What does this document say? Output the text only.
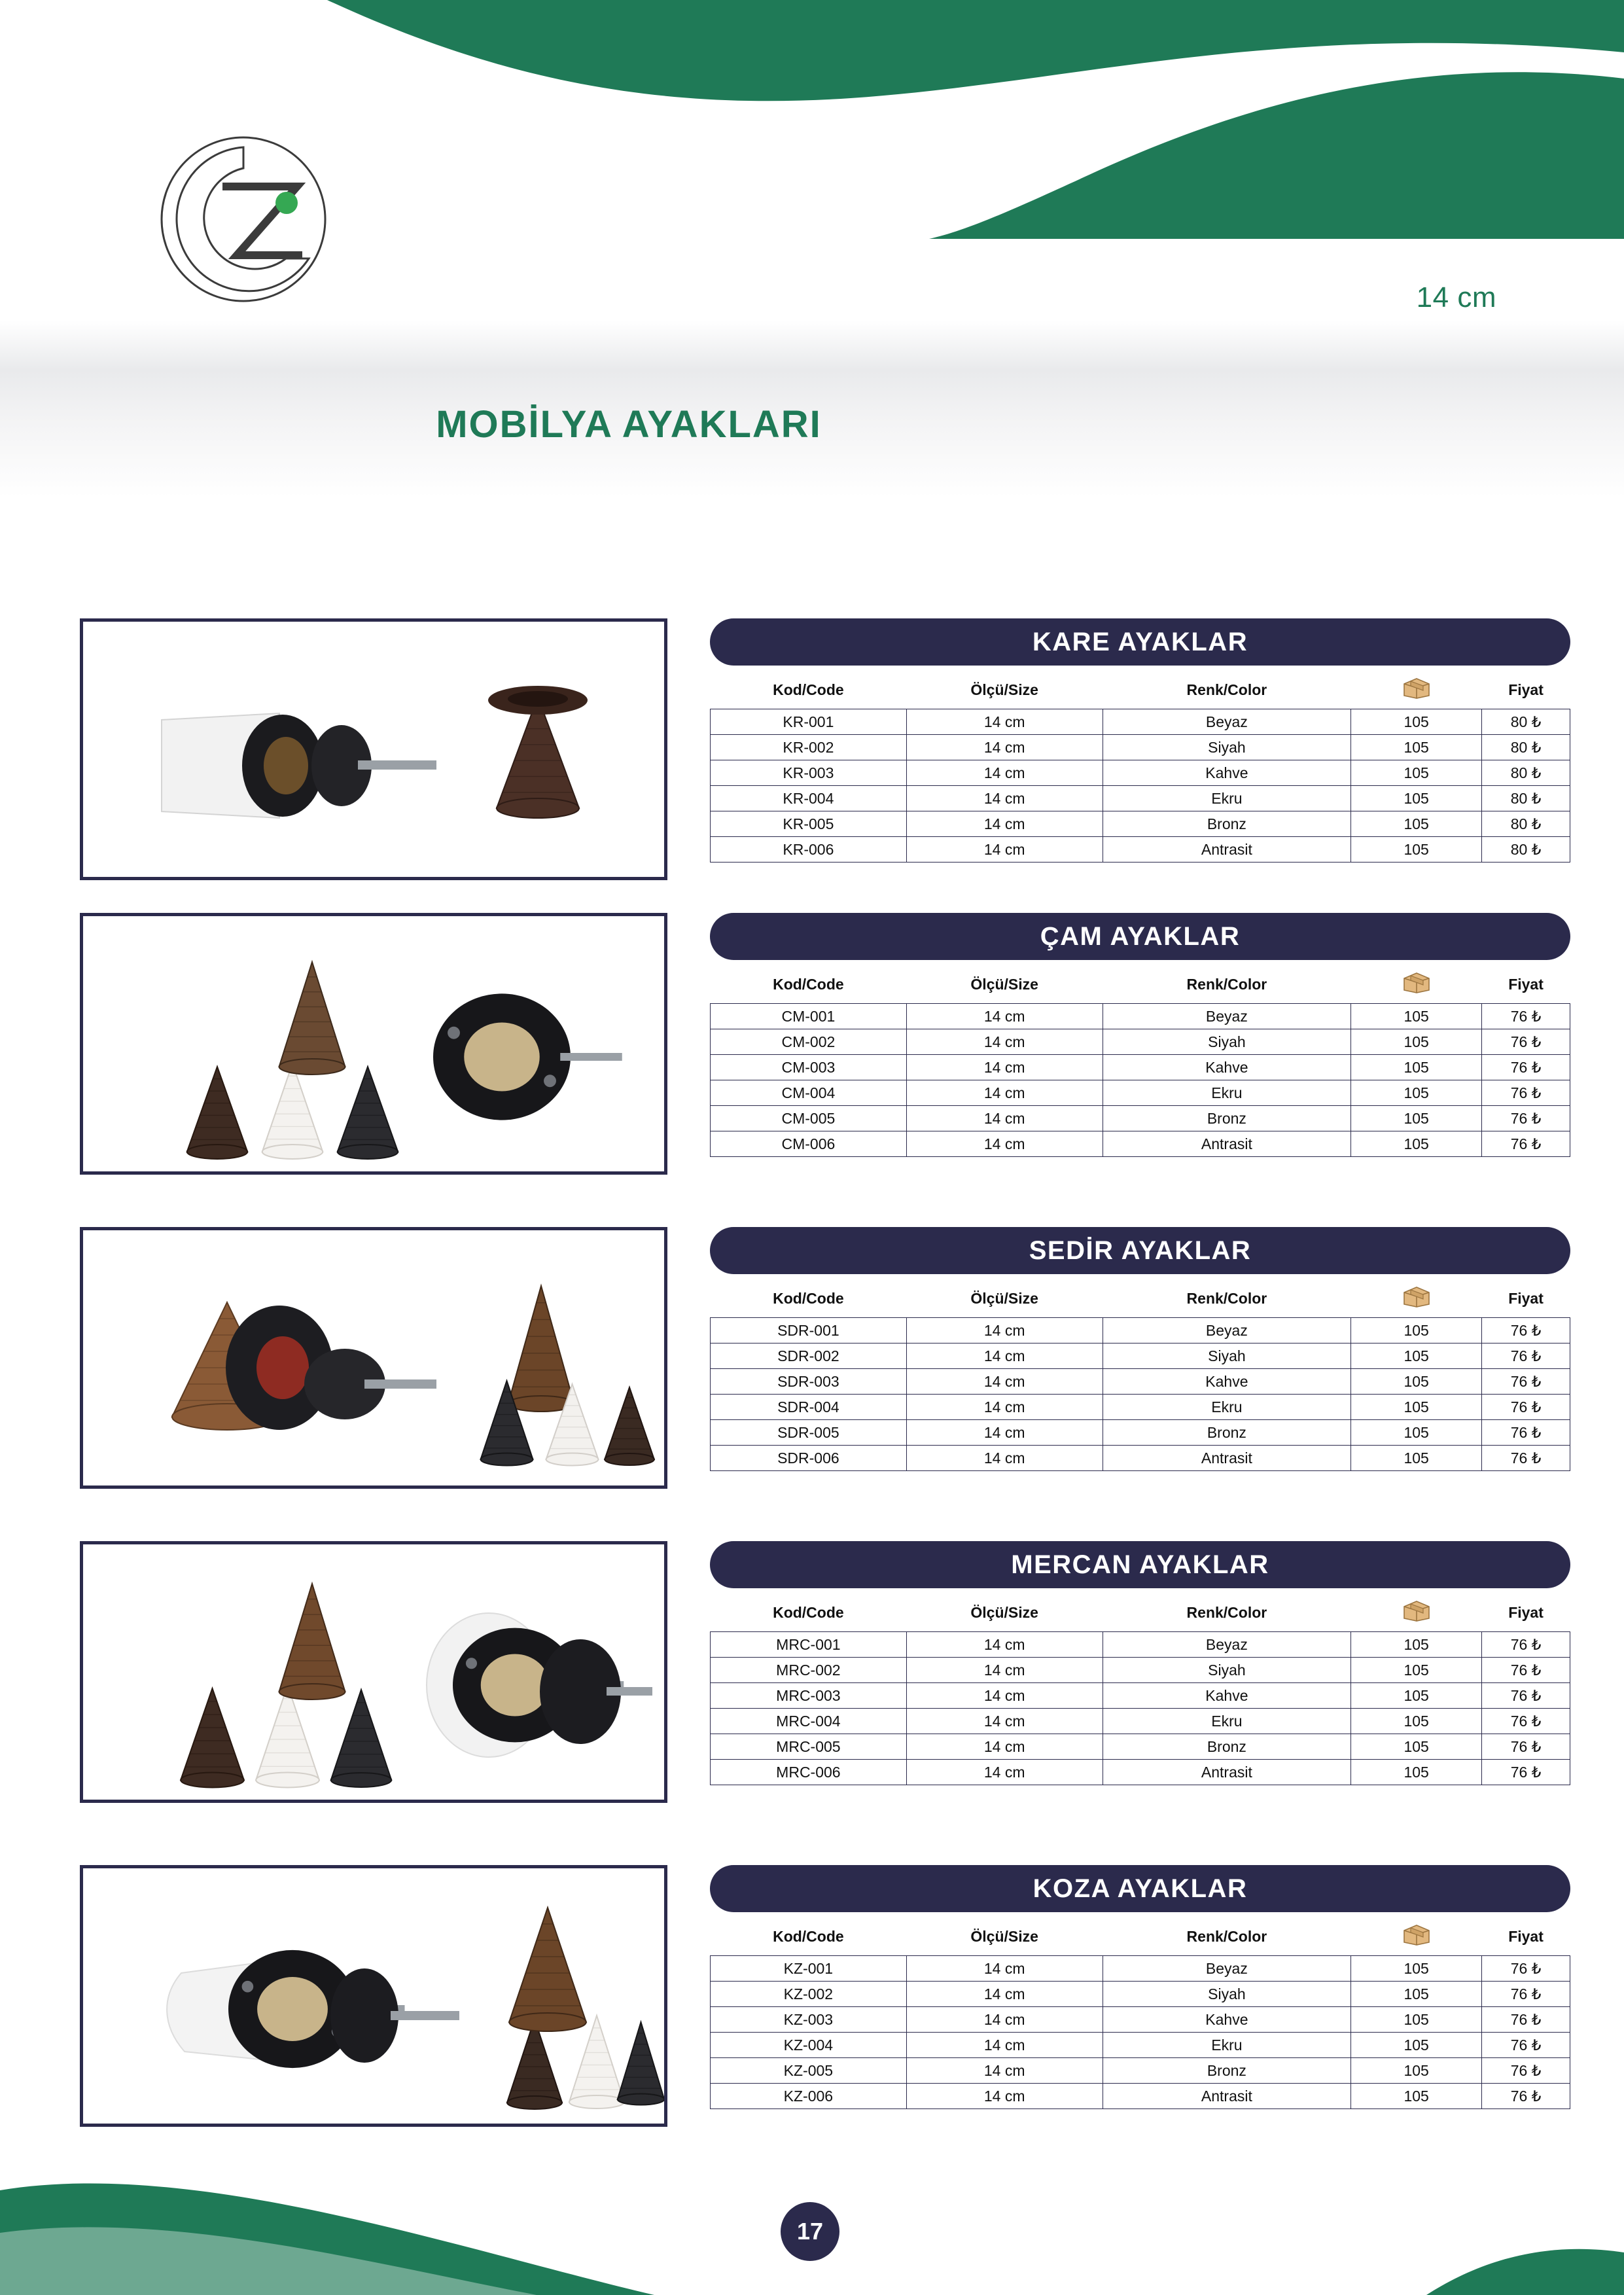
14 cm
MOBİLYA AYAKLARI
KARE AYAKLAR
Kod/Code	Ölçü/Size	Renk/Color		Fiyat
KR-001	14 cm	Beyaz	105	80 ₺
KR-002	14 cm	Siyah	105	80 ₺
KR-003	14 cm	Kahve	105	80 ₺
KR-004	14 cm	Ekru	105	80 ₺
KR-005	14 cm	Bronz	105	80 ₺
KR-006	14 cm	Antrasit	105	80 ₺
ÇAM AYAKLAR
Kod/Code	Ölçü/Size	Renk/Color		Fiyat
CM-001	14 cm	Beyaz	105	76 ₺
CM-002	14 cm	Siyah	105	76 ₺
CM-003	14 cm	Kahve	105	76 ₺
CM-004	14 cm	Ekru	105	76 ₺
CM-005	14 cm	Bronz	105	76 ₺
CM-006	14 cm	Antrasit	105	76 ₺
SEDİR AYAKLAR
Kod/Code	Ölçü/Size	Renk/Color		Fiyat
SDR-001	14 cm	Beyaz	105	76 ₺
SDR-002	14 cm	Siyah	105	76 ₺
SDR-003	14 cm	Kahve	105	76 ₺
SDR-004	14 cm	Ekru	105	76 ₺
SDR-005	14 cm	Bronz	105	76 ₺
SDR-006	14 cm	Antrasit	105	76 ₺
MERCAN AYAKLAR
Kod/Code	Ölçü/Size	Renk/Color		Fiyat
MRC-001	14 cm	Beyaz	105	76 ₺
MRC-002	14 cm	Siyah	105	76 ₺
MRC-003	14 cm	Kahve	105	76 ₺
MRC-004	14 cm	Ekru	105	76 ₺
MRC-005	14 cm	Bronz	105	76 ₺
MRC-006	14 cm	Antrasit	105	76 ₺
KOZA AYAKLAR
Kod/Code	Ölçü/Size	Renk/Color		Fiyat
KZ-001	14 cm	Beyaz	105	76 ₺
KZ-002	14 cm	Siyah	105	76 ₺
KZ-003	14 cm	Kahve	105	76 ₺
KZ-004	14 cm	Ekru	105	76 ₺
KZ-005	14 cm	Bronz	105	76 ₺
KZ-006	14 cm	Antrasit	105	76 ₺
17
